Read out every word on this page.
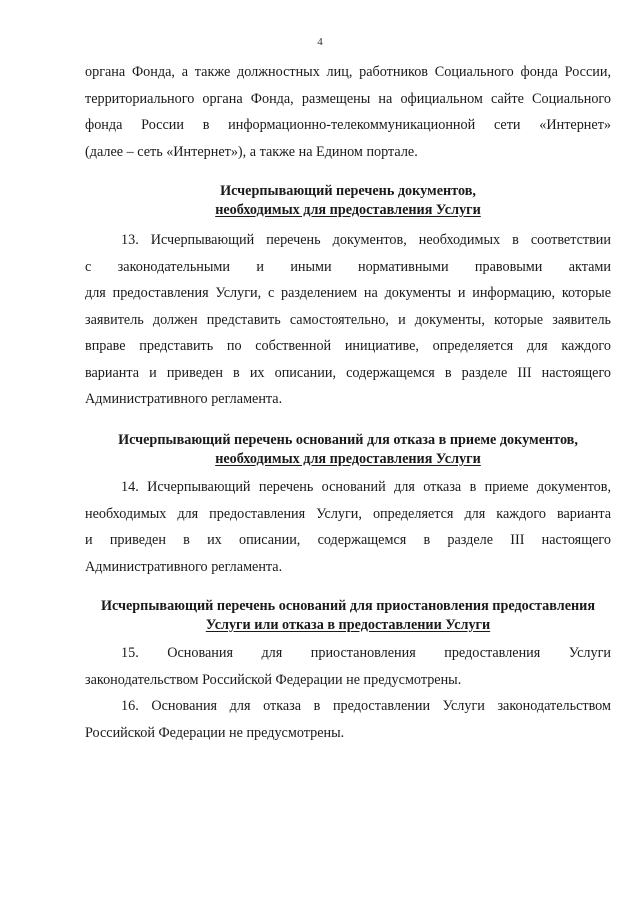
4

органа Фонда, а также должностных лиц, работников Социального фонда России,

территориального органа Фонда, размещены на официальном сайте Социального

фонда России в информационно-телекоммуникационной сети «Интернет»

(далее – сеть «Интернет»), а также на Едином портале.

Исчерпывающий перечень документов,
необходимых для предоставления Услуги

13. Исчерпывающий перечень документов, необходимых в соответствии

с законодательными и иными нормативными правовыми актами

для предоставления Услуги, с разделением на документы и информацию, которые

заявитель должен представить самостоятельно, и документы, которые заявитель

вправе представить по собственной инициативе, определяется для каждого

варианта и приведен в их описании, содержащемся в разделе III настоящего

Административного регламента.

Исчерпывающий перечень оснований для отказа в приеме документов,
необходимых для предоставления Услуги

14. Исчерпывающий перечень оснований для отказа в приеме документов,

необходимых для предоставления Услуги, определяется для каждого варианта

и приведен в их описании, содержащемся в разделе III настоящего

Административного регламента.

Исчерпывающий перечень оснований для приостановления предоставления
Услуги или отказа в предоставлении Услуги

15. Основания для приостановления предоставления Услуги

законодательством Российской Федерации не предусмотрены.

16. Основания для отказа в предоставлении Услуги законодательством

Российской Федерации не предусмотрены.
